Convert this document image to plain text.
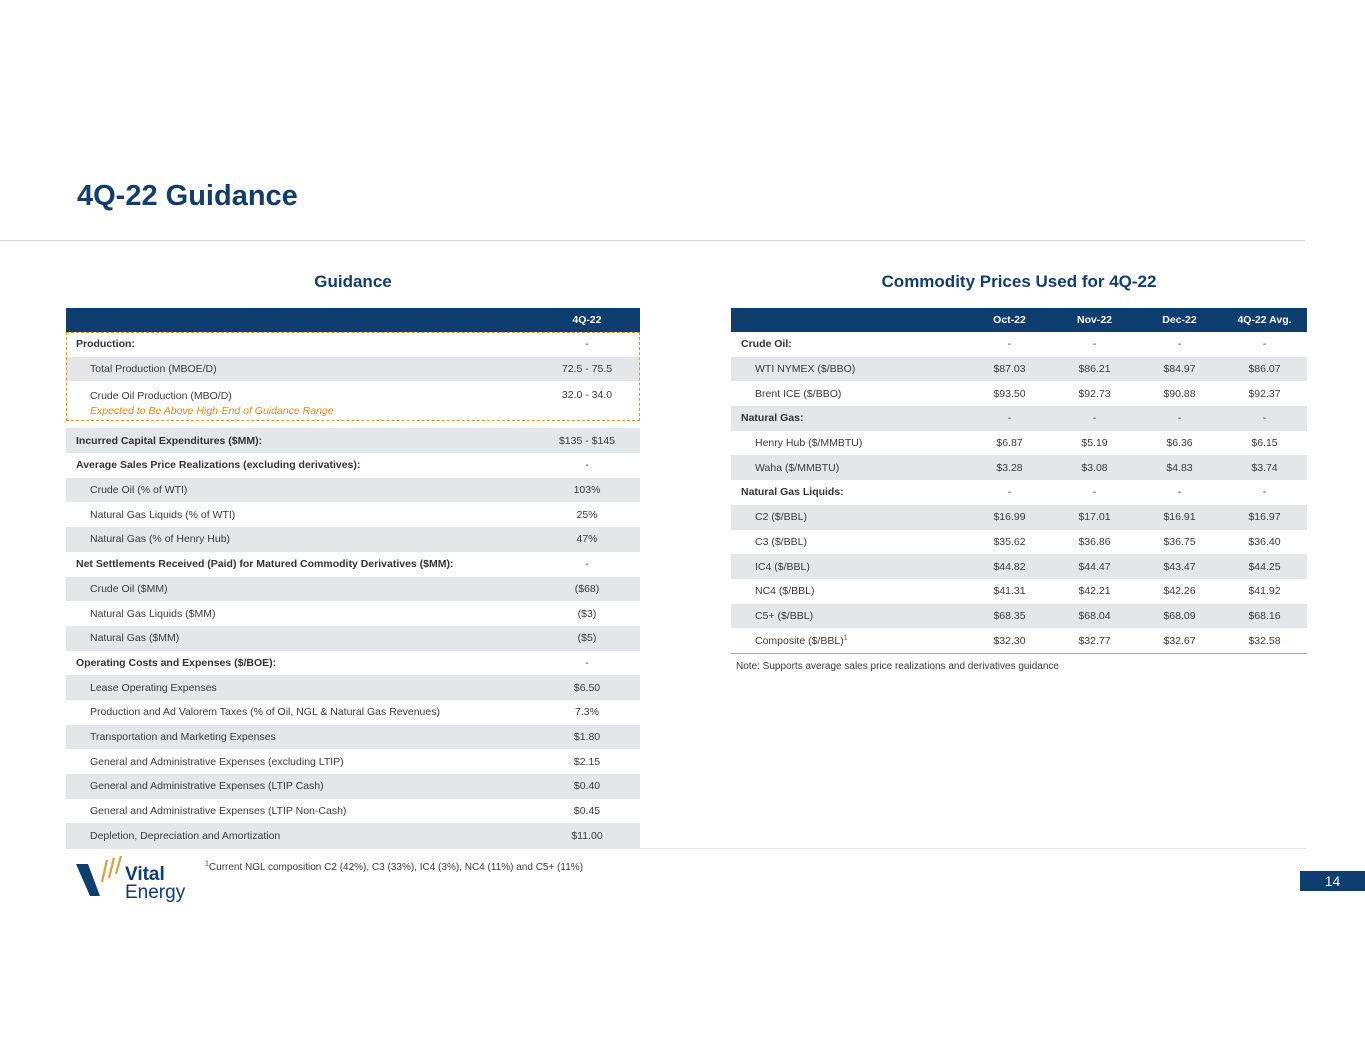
4Q-22 Guidance
Guidance	Commodity Prices Used for 4Q-22
	4Q-22
Production:	-
Total Production (MBOE/D)	72.5 - 75.5
Crude Oil Production (MBO/D)
Expected to Be Above High-End of Guidance Range	32.0 - 34.0
Incurred Capital Expenditures ($MM):	$135 - $145
Average Sales Price Realizations (excluding derivatives):	-
Crude Oil (% of WTI)	103%
Natural Gas Liquids (% of WTI)	25%
Natural Gas (% of Henry Hub)	47%
Net Settlements Received (Paid) for Matured Commodity Derivatives ($MM):	-
Crude Oil ($MM)	($68)
Natural Gas Liquids ($MM)	($3)
Natural Gas ($MM)	($5)
Operating Costs and Expenses ($/BOE):	-
Lease Operating Expenses	$6.50
Production and Ad Valorem Taxes (% of Oil, NGL & Natural Gas Revenues)	7.3%
Transportation and Marketing Expenses	$1.80
General and Administrative Expenses (excluding LTIP)	$2.15
General and Administrative Expenses (LTIP Cash)	$0.40
General and Administrative Expenses (LTIP Non-Cash)	$0.45
Depletion, Depreciation and Amortization	$11.00
	Oct-22	Nov-22	Dec-22	4Q-22 Avg.
Crude Oil:	-	-	-	-
WTI NYMEX ($/BBO)	$87.03	$86.21	$84.97	$86.07
Brent ICE ($/BBO)	$93.50	$92.73	$90.88	$92.37
Natural Gas:	-	-	-	-
Henry Hub ($/MMBTU)	$6.87	$5.19	$6.36	$6.15
Waha ($/MMBTU)	$3.28	$3.08	$4.83	$3.74
Natural Gas Liquids:	-	-	-	-
C2 ($/BBL)	$16.99	$17.01	$16.91	$16.97
C3 ($/BBL)	$35.62	$36.86	$36.75	$36.40
IC4 ($/BBL)	$44.82	$44.47	$43.47	$44.25
NC4 ($/BBL)	$41.31	$42.21	$42.26	$41.92
C5+ ($/BBL)	$68.35	$68.04	$68.09	$68.16
Composite ($/BBL)$^1$	$32.30	$32.77	$32.67	$32.58
Note: Supports average sales price realizations and derivatives guidance
Vital
Energy
$^1$Current NGL composition C2 (42%), C3 (33%), IC4 (3%), NC4 (11%) and C5+ (11%)
14
